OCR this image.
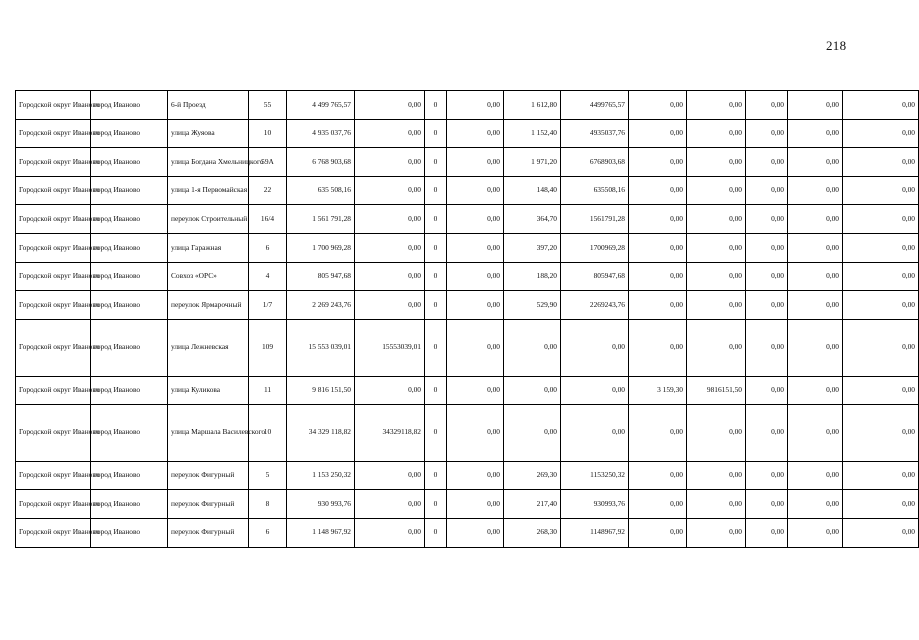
218
Городской округ Иваново	город Иваново	6-й Проезд	55	4 499 765,57	0,00	0	0,00	1 612,80	4499765,57	0,00	0,00	0,00	0,00	0,00
Городской округ Иваново	город Иваново	улица Жуяова	10	4 935 037,76	0,00	0	0,00	1 152,40	4935037,76	0,00	0,00	0,00	0,00	0,00
Городской округ Иваново	город Иваново	улица Богдана Хмельницкого	59А	6 768 903,68	0,00	0	0,00	1 971,20	6768903,68	0,00	0,00	0,00	0,00	0,00
Городской округ Иваново	город Иваново	улица 1-я Первомайская	22	635 508,16	0,00	0	0,00	148,40	635508,16	0,00	0,00	0,00	0,00	0,00
Городской округ Иваново	город Иваново	переулок Строительный	16/4	1 561 791,28	0,00	0	0,00	364,70	1561791,28	0,00	0,00	0,00	0,00	0,00
Городской округ Иваново	город Иваново	улица Гаражная	6	1 700 969,28	0,00	0	0,00	397,20	1700969,28	0,00	0,00	0,00	0,00	0,00
Городской округ Иваново	город Иваново	Совхоз «ОРС»	4	805 947,68	0,00	0	0,00	188,20	805947,68	0,00	0,00	0,00	0,00	0,00
Городской округ Иваново	город Иваново	переулок Ярмарочный	1/7	2 269 243,76	0,00	0	0,00	529,90	2269243,76	0,00	0,00	0,00	0,00	0,00
Городской округ Иваново	город Иваново	улица Лежневская	109	15 553 039,01	15553039,01	0	0,00	0,00	0,00	0,00	0,00	0,00	0,00	0,00
Городской округ Иваново	город Иваново	улица Куликова	11	9 816 151,50	0,00	0	0,00	0,00	0,00	3 159,30	9816151,50	0,00	0,00	0,00
Городской округ Иваново	город Иваново	улица Маршала Василевского	10	34 329 118,82	34329118,82	0	0,00	0,00	0,00	0,00	0,00	0,00	0,00	0,00
Городской округ Иваново	город Иваново	переулок Фигурный	5	1 153 250,32	0,00	0	0,00	269,30	1153250,32	0,00	0,00	0,00	0,00	0,00
Городской округ Иваново	город Иваново	переулок Фигурный	8	930 993,76	0,00	0	0,00	217,40	930993,76	0,00	0,00	0,00	0,00	0,00
Городской округ Иваново	город Иваново	переулок Фигурный	6	1 148 967,92	0,00	0	0,00	268,30	1148967,92	0,00	0,00	0,00	0,00	0,00
